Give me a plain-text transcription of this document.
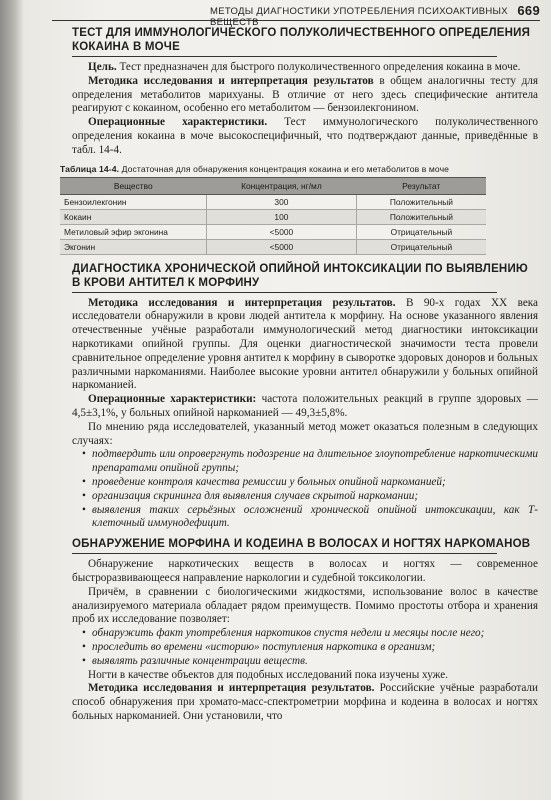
МЕТОДЫ ДИАГНОСТИКИ УПОТРЕБЛЕНИЯ ПСИХОАКТИВНЫХ ВЕЩЕСТВ
669
ТЕСТ ДЛЯ ИММУНОЛОГИЧЕСКОГО ПОЛУКОЛИЧЕСТВЕННОГО ОПРЕДЕЛЕНИЯ КОКАИНА В МОЧЕ

Цель. Тест предназначен для быстрого полуколичественного определения кокаина в моче.

Методика исследования и интерпретация результатов в общем аналогичны тесту для определения метаболитов марихуаны. В отличие от него здесь специфические антитела реагируют с кокаином, особенно его метаболитом — бензоилекгонином.

Операционные характеристики. Тест иммунологического полуколичественного определения кокаина в моче высокоспецифичный, что подтверждают данные, приведённые в табл. 14-4.

Таблица 14-4. Достаточная для обнаружения концентрация кокаина и его метаболитов в моче
Вещество	Концентрация, нг/мл	Результат
Бензоилекгонин	300	Положительный
Кокаин	100	Положительный
Метиловый эфир экгонина	<5000	Отрицательный
Экгонин	<5000	Отрицательный
ДИАГНОСТИКА ХРОНИЧЕСКОЙ ОПИЙНОЙ ИНТОКСИКАЦИИ ПО ВЫЯВЛЕНИЮ В КРОВИ АНТИТЕЛ К МОРФИНУ

Методика исследования и интерпретация результатов. В 90-х годах XX века исследователи обнаружили в крови людей антитела к морфину. На основе указанного явления отечественные учёные разработали иммунологический метод диагностики интоксикации наркотиками опийной группы. Для оценки диагностической значимости теста провели сравнительное определение уровня антител к морфину в сыворотке здоровых доноров и больных различными наркоманиями. Наиболее высокие уровни антител обнаружили у больных опийной наркоманией.

Операционные характеристики: частота положительных реакций в группе здоровых — 4,5±3,1%, у больных опийной наркоманией — 49,3±5,8%.

По мнению ряда исследователей, указанный метод может оказаться полезным в следующих случаях:

• подтвердить или опровергнуть подозрение на длительное злоупотребление наркотическими препаратами опийной группы;
• проведение контроля качества ремиссии у больных опийной наркоманией;
• организация скрининга для выявления случаев скрытой наркомании;
• выявления таких серьёзных осложнений хронической опийной интоксикации, как Т-клеточный иммунодефицит.
ОБНАРУЖЕНИЕ МОРФИНА И КОДЕИНА В ВОЛОСАХ И НОГТЯХ НАРКОМАНОВ

Обнаружение наркотических веществ в волосах и ногтях — современное быстроразвивающееся направление наркологии и судебной токсикологии.

Причём, в сравнении с биологическими жидкостями, использование волос в качестве анализируемого материала обладает рядом преимуществ. Помимо простоты отбора и хранения проб их исследование позволяет:

• обнаружить факт употребления наркотиков спустя недели и месяцы после него;
• проследить во времени «историю» поступления наркотика в организм;
• выявлять различные концентрации веществ.

Ногти в качестве объектов для подобных исследований пока изучены хуже.

Методика исследования и интерпретация результатов. Российские учёные разработали способ обнаружения при хромато-масс-спектрометрии морфина и кодеина в волосах и ногтях больных наркоманией. Они установили, что
